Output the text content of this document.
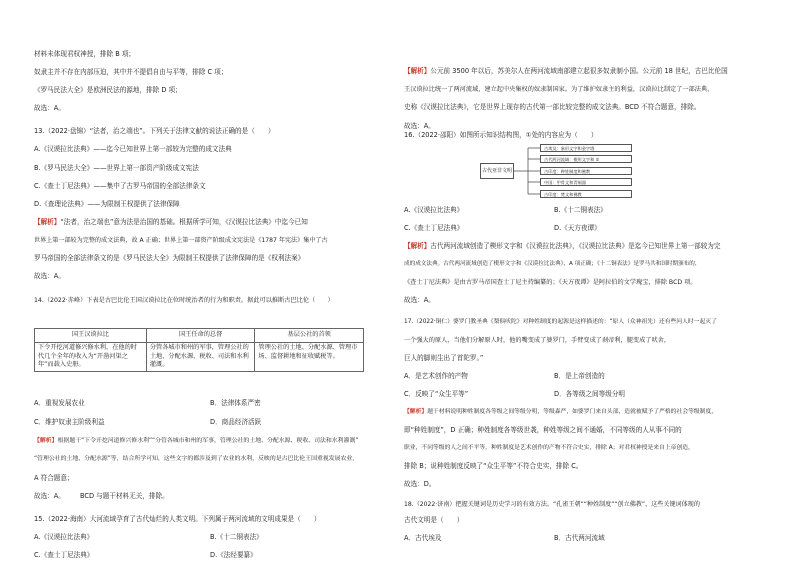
材料未体现君权神授，排除 B 项；
奴隶主并不存在内部压迫，其中并不提倡自由与平等，排除 C 项；
《罗马民法大全》是欧洲民法的源地，排除 D 项；
故选：A。
13.（2022·盘锦）“法者，治之端也”。下列关于法律文献的说法正确的是（　　）
A.《汉谟拉比法典》——迄今已知世界上第一部较为完整的成文法典
B.《罗马民法大全》——世界上第一部资产阶级成文宪法
C.《查士丁尼法典》——集中了古罗马帝国的全部法律条文
D.《查理论法典》——为限制王权提供了法律保障
【解析】“法者，治之端也”意为法是治国的基础。根据所学可知，《汉谟拉比法典》中迄今已知
世界上第一部较为完整的成文法典，故 A 正确；世界上第一部资产阶级成文宪法是《1787 年宪法》集中了古
罗马帝国的全部法律条文的是《罗马民法大全》为限制王权提供了法律保障的是《权利法案》
故选：A。
14.（2022·赤峰）下表是古巴比伦王国汉谟拉比在位时统治者的行为和职责。据此可以推断古巴比伦（　　）
国王汉谟拉比	国王任命的总督	基层公社的首领
下令开挖河道修兴修水利，在他的时代几个全年的收入为“开凿河渠之年”而载入史册。	分管各城市和州的军事，管理公社的土地、分配水源、税收、司法和水利灌溉。	管理公社的土地、分配水源、管理市场、监督耕地和征收赋税等。
A．重视发展农业	B．法律体系严密
C．维护奴隶主阶级利益	D．商品经济活跃
【解析】根据题干“下令开挖河道修兴修水利”“分管各城市和州的军事，管理公社的土地、分配水源、税收、司法和水利灌溉”
“管理公社的土地、分配水源”等，结合所学可知，这些文字的都涉及到了农业的水利，反映的是古巴比伦王国重视发展农业，
A 符合题意；
故选：A。 BCD 与题干材料无关，排除。
15.（2022·海南）大河流域孕育了古代灿烂的人类文明。下列属于两河流域的文明成果是（　　）
A.《汉谟拉比法典》	B.《十二铜表法》
C.《查士丁尼法典》	D.《法经要纂》
【解析】公元前 3500 年以后，苏美尔人在两河流域南部建立起很多奴隶制小国。公元前 18 世纪，古巴比伦国
王汉谟拉比统一了两河流域，建立起中央集权的奴隶制国家。为了维护奴隶主的利益，汉谟拉比制定了一部法典，
史称《汉谟拉比法典》，它是世界上现存的古代第一部比较完整的成文法典。BCD 不符合题意，排除。
故选：A。
16.（2022·邵阳）如图所示知识结构图，①处的内容应为（　　）
古代亚非文明
古埃及：象形文字和金字塔
古代两河流域：楔形文字和 ①
古印度：种姓制度和佛教
中国：甲骨文和青铜器
古印度：梵文和佛教
A.《汉谟拉比法典》	B.《十二铜表法》
C.《查士丁尼法典》	D.《天方夜谭》
【解析】古代两河流域创造了楔形文字和《汉谟拉比法典》，《汉谟拉比法典》是迄今已知世界上第一部较为完
成的成文法典。古代两河流域创造了楔形文字和《汉谟拉比法典》，A 项正确；《十二铜表法》是罗马共和国时期颁布的，
《查士丁尼法典》是由古罗马帝国查士丁尼主持编纂的；《天方夜谭》是阿拉伯的文学瑰宝，排除 BCD 项。
故选：A。
17.（2022·铜仁）婆罗门教圣典《梨俱吠陀》对种姓制度的起源是这样描述的：“原人（众神祖先）还有些问人时一起灭了
一个强大的原人，当他们分解原人时，他的嘴变成了婆罗门，手臂变成了刹帝利，腿变成了吠舍，
巨人的脚则生出了首陀罗。”
A．是艺术创作的产物	B．是上帝创造的
C．反映了“众生平等”	D．各等级之间等级分明
【解析】题干材料说明种姓制度各等级之间等级分明，等级森严，如婆罗门来自头部，造就被赋予了严格的社会等级制度，
即“种姓制度”，D 正确；种姓制度各等级世袭，种姓等级之间不通婚，不同等级的人从事不同的
职业，不同等级的人之间不平等，种姓制度是艺术创作的产物不符合史实，排除 A；对君权神授是来自上帝创造，
排除 B；说种姓制度反映了“众生平等”不符合史实，排除 C。
故选：D。
18.（2022·济南）把握关键词是历史学习的有效方法。“孔雀王朝”“种姓制度”“创立佛教”，这些关键词体现的
古代文明是（　　）
A．古代埃及	B．古代两河流域
